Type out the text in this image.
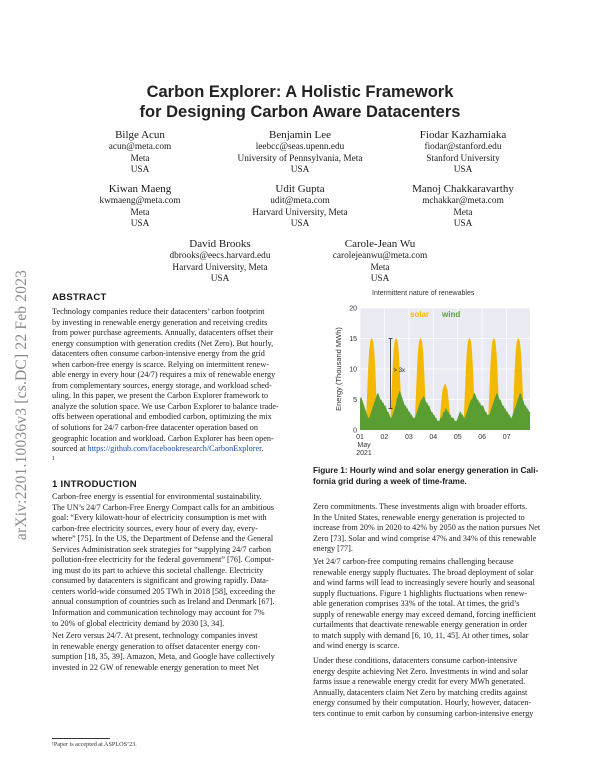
arXiv:2201.10036v3 [cs.DC] 22 Feb 2023
Carbon Explorer: A Holistic Framework
for Designing Carbon Aware Datacenters
Bilge Acun
acun@meta.com
Meta
USA
Benjamin Lee
leebcc@seas.upenn.edu
University of Pennsylvania, Meta
USA
Fiodar Kazhamiaka
fiodar@stanford.edu
Stanford University
USA
Kiwan Maeng
kwmaeng@meta.com
Meta
USA
Udit Gupta
udit@meta.com
Harvard University, Meta
USA
Manoj Chakkaravarthy
mchakkar@meta.com
Meta
USA
David Brooks
dbrooks@eecs.harvard.edu
Harvard University, Meta
USA
Carole-Jean Wu
carolejeanwu@meta.com
Meta
USA
ABSTRACT
Technology companies reduce their datacenters’ carbon footprint
by investing in renewable energy generation and receiving credits
from power purchase agreements. Annually, datacenters offset their
energy consumption with generation credits (Net Zero). But hourly,
datacenters often consume carbon-intensive energy from the grid
when carbon-free energy is scarce. Relying on intermittent renew-
able energy in every hour (24/7) requires a mix of renewable energy
from complementary sources, energy storage, and workload sched-
uling. In this paper, we present the Carbon Explorer framework to
analyze the solution space. We use Carbon Explorer to balance trade-
offs between operational and embodied carbon, optimizing the mix
of solutions for 24/7 carbon-free datacenter operation based on
geographic location and workload. Carbon Explorer has been open-
sourced at https://github.com/facebookresearch/CarbonExplorer.
1
1 INTRODUCTION
Carbon-free energy is essential for environmental sustainability.
The UN’s 24/7 Carbon-Free Energy Compact calls for an ambitious
goal: “Every kilowatt-hour of electricity consumption is met with
carbon-free electricity sources, every hour of every day, every-
where” [75]. In the US, the Department of Defense and the General
Services Administration seek strategies for “supplying 24/7 carbon
pollution-free electricity for the federal government” [76]. Comput-
ing must do its part to achieve this societal challenge. Electricity
consumed by datacenters is significant and growing rapidly. Data-
centers world-wide consumed 205 TWh in 2018 [58], exceeding the
annual consumption of countries such as Ireland and Denmark [67].
Information and communication technology may account for 7%
to 20% of global electricity demand by 2030 [3, 34].
Net Zero versus 24/7. At present, technology companies invest
in renewable energy generation to offset datacenter energy con-
sumption [18, 35, 39]. Amazon, Meta, and Google have collectively
invested in 22 GW of renewable energy generation to meet Net
Intermittent nature of renewables
0
5
10
15
20
01 02 03 04 05 06 07
May
2021
Energy (Thousand MWh)
solar wind
> 3x
Figure 1: Hourly wind and solar energy generation in Cali-
fornia grid during a week of time-frame.
Zero commitments. These investments align with broader efforts.
In the United States, renewable energy generation is projected to
increase from 20% in 2020 to 42% by 2050 as the nation pursues Net
Zero [73]. Solar and wind comprise 47% and 34% of this renewable
energy [77].
Yet 24/7 carbon-free computing remains challenging because
renewable energy supply fluctuates. The broad deployment of solar
and wind farms will lead to increasingly severe hourly and seasonal
supply fluctuations. Figure 1 highlights fluctuations when renew-
able generation comprises 33% of the total. At times, the grid’s
supply of renewable energy may exceed demand, forcing inefficient
curtailments that deactivate renewable energy generation in order
to match supply with demand [6, 10, 11, 45]. At other times, solar
and wind energy is scarce.
Under these conditions, datacenters consume carbon-intensive
energy despite achieving Net Zero. Investments in wind and solar
farms issue a renewable energy credit for every MWh generated.
Annually, datacenters claim Net Zero by matching credits against
energy consumed by their computation. Hourly, however, datacen-
ters continue to emit carbon by consuming carbon-intensive energy
¹Paper is accepted at ASPLOS’23.
